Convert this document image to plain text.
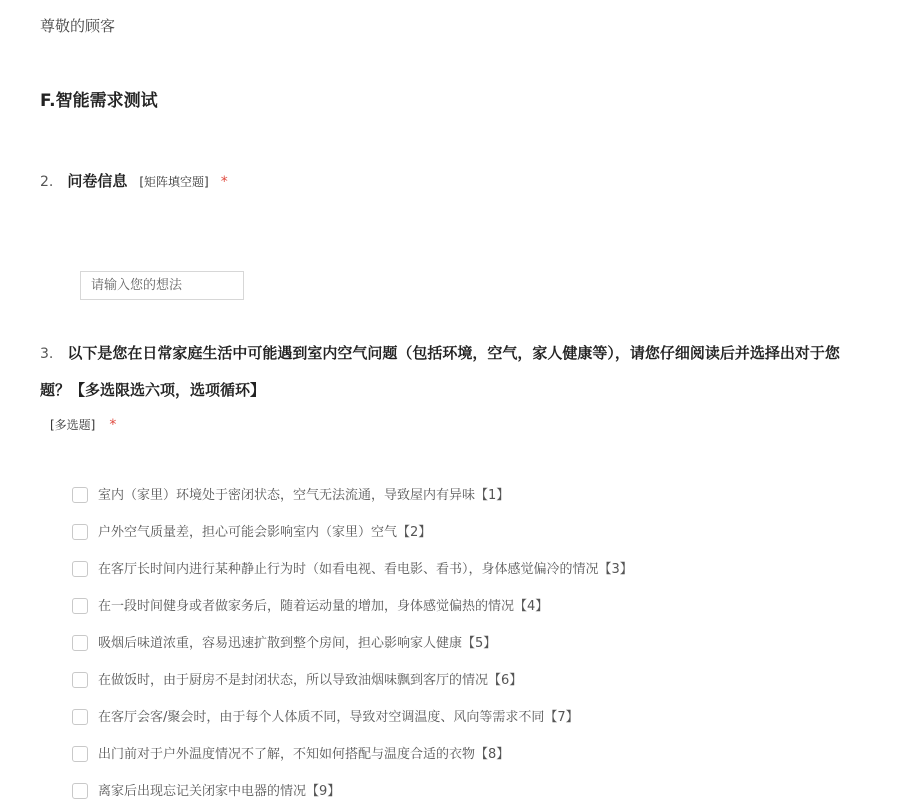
尊敬的顾客
F.智能需求测试
2. 问卷信息 [矩阵填空题] *
请输入您的想法
3. 以下是您在日常家庭生活中可能遇到室内空气问题（包括环境，空气，家人健康等），请您仔细阅读后并选择出对于您
题？【多选限选六项，选项循环】
[多选题] *
室内（家里）环境处于密闭状态，空气无法流通，导致屋内有异味【1】
户外空气质量差，担心可能会影响室内（家里）空气【2】
在客厅长时间内进行某种静止行为时（如看电视、看电影、看书），身体感觉偏冷的情况【3】
在一段时间健身或者做家务后，随着运动量的增加，身体感觉偏热的情况【4】
吸烟后味道浓重，容易迅速扩散到整个房间，担心影响家人健康【5】
在做饭时，由于厨房不是封闭状态，所以导致油烟味飘到客厅的情况【6】
在客厅会客/聚会时，由于每个人体质不同，导致对空调温度、风向等需求不同【7】
出门前对于户外温度情况不了解，不知如何搭配与温度合适的衣物【8】
离家后出现忘记关闭家中电器的情况【9】
